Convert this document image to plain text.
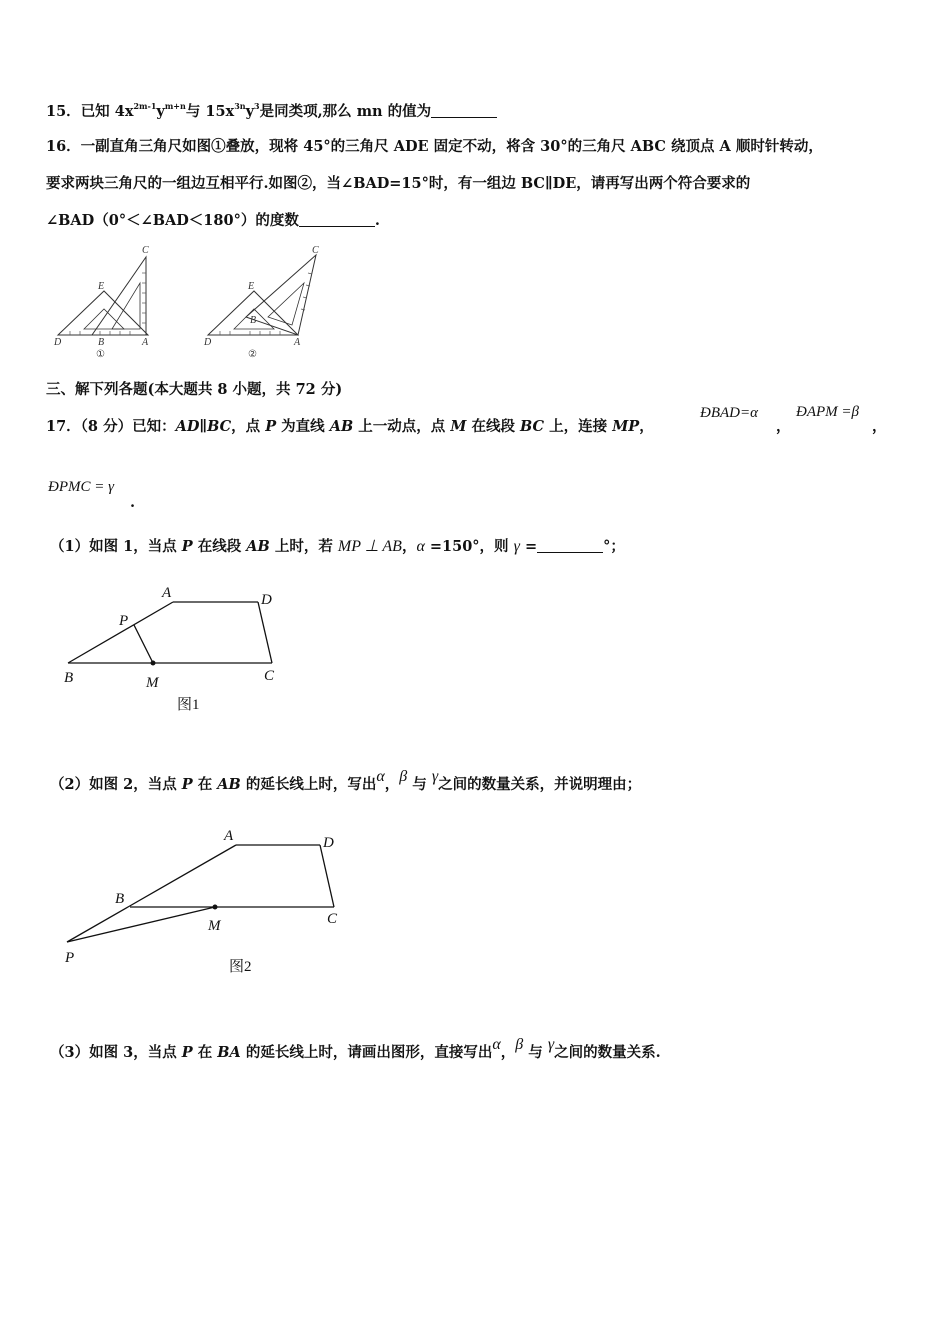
15．已知 $4x^{2m-1}y^{m+n}$与 $15x^{3n}y^3$是同类项,那么 mn 的值为
16．一副直角三角尺如图①叠放，现将 45°的三角尺 ADE 固定不动，将含 30°的三角尺 ABC 绕顶点 A 顺时针转动，
要求两块三角尺的一组边互相平行.如图②，当∠BAD=15°时，有一组边 BC∥DE，请再写出两个符合要求的
∠BAD（0°＜∠BAD＜180°）的度数	.
C
E
D	B	A
①
C
E
D
B
A
②
三、解下列各题(本大题共 8 小题，共 72 分)
17．（8 分）已知：AD∥BC，点 P 为直线 AB 上一动点，点 M 在线段 BC 上，连接 MP，
ÐBAD=α
，
ÐAPM =β
，
ÐPMC = γ
.
（1）如图 1，当点 P 在线段 AB 上时，若 MP ⊥ AB，α =150°，则 γ =	°；
A	D
P
B	M	C
图1
（2）如图 2，当点 P 在 AB 的延长线上时，写出α，β 与 γ之间的数量关系，并说明理由；
A	D
B
M	C
P
图2
（3）如图 3，当点 P 在 BA 的延长线上时，请画出图形，直接写出α，β 与 γ之间的数量关系.
